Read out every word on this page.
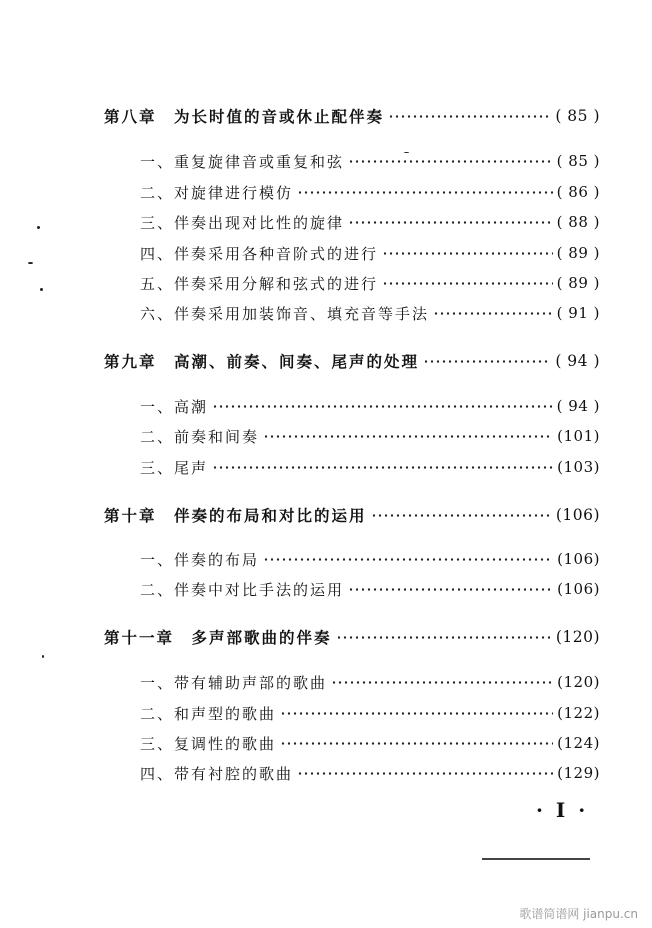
第八章　为长时值的音或休止配伴奏	( 85 )
一、重复旋律音或重复和弦	( 85 )
二、对旋律进行模仿	( 86 )
三、伴奏出现对比性的旋律	( 88 )
四、伴奏采用各种音阶式的进行	( 89 )
五、伴奏采用分解和弦式的进行	( 89 )
六、伴奏采用加装饰音、填充音等手法	( 91 )
第九章　高潮、前奏、间奏、尾声的处理	( 94 )
一、高潮	( 94 )
二、前奏和间奏	(101)
三、尾声	(103)
第十章　伴奏的布局和对比的运用	(106)
一、伴奏的布局	(106)
二、伴奏中对比手法的运用	(106)
第十一章　多声部歌曲的伴奏	(120)
一、带有辅助声部的歌曲	(120)
二、和声型的歌曲	(122)
三、复调性的歌曲	(124)
四、带有衬腔的歌曲	(129)
· I ·
歌谱简谱网 jianpu.cn
